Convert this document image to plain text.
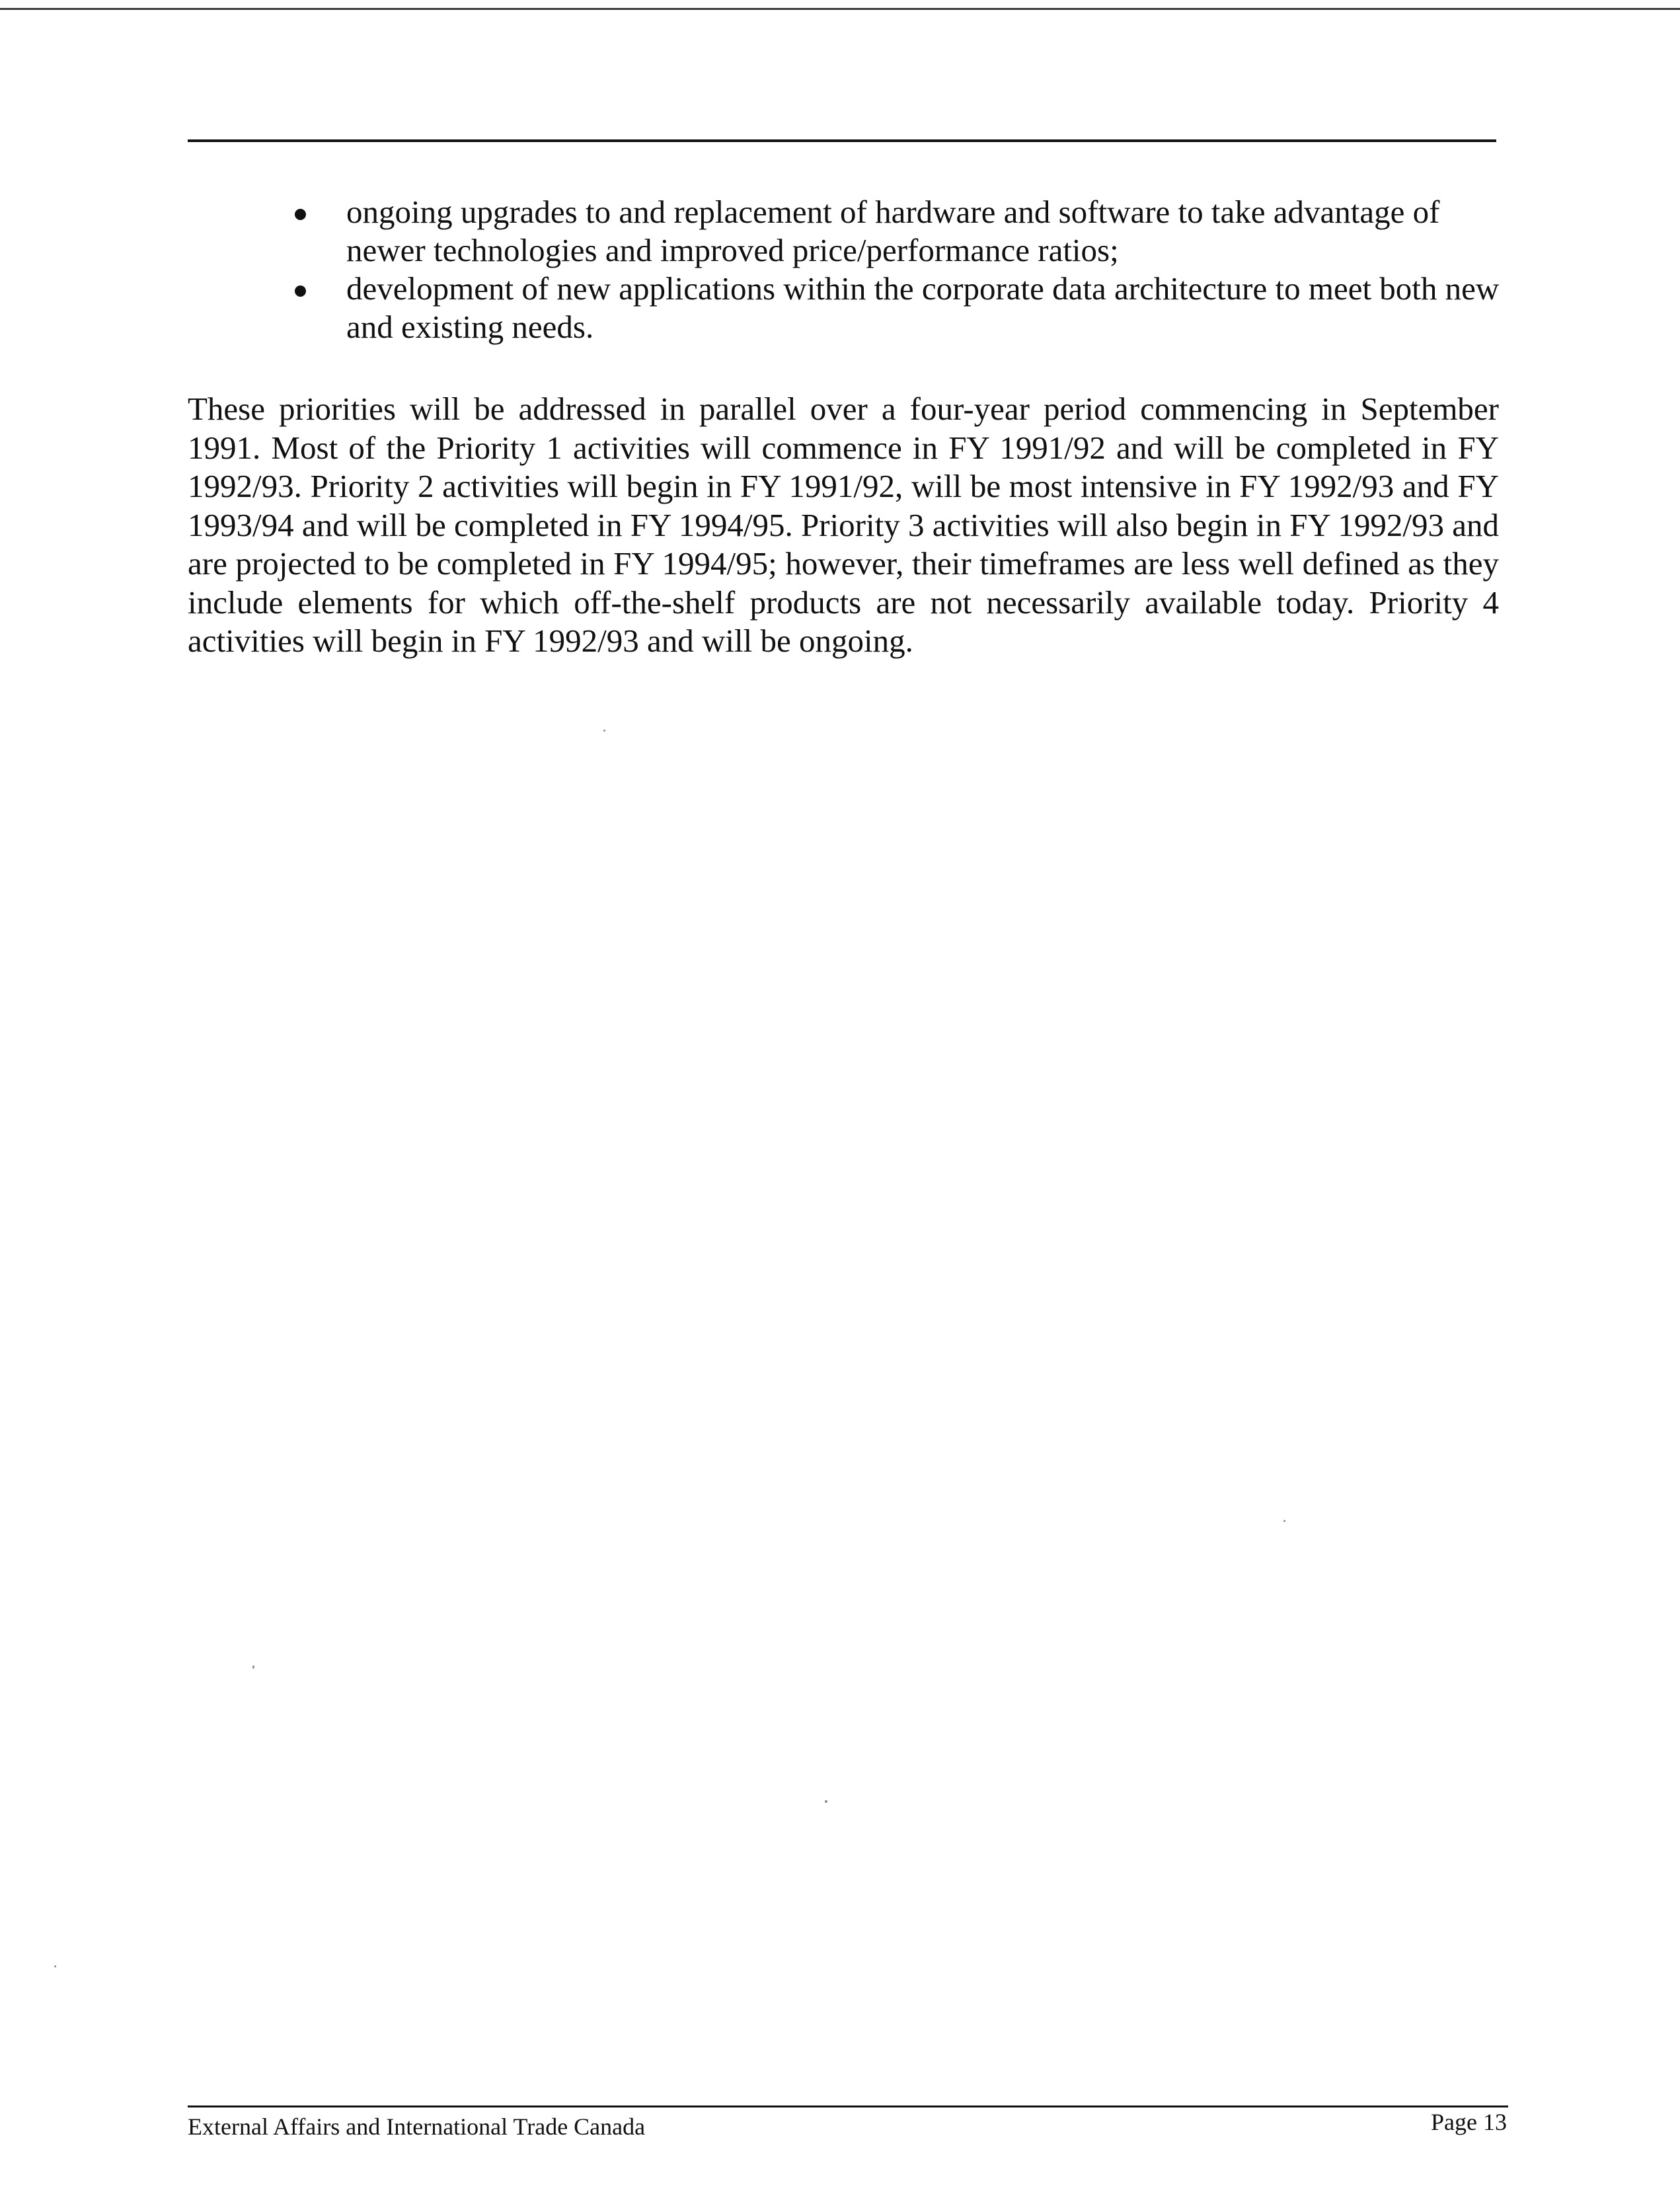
ongoing upgrades to and replacement of hardware and software to take advantage of newer technologies and improved price/performance ratios;
development of new applications within the corporate data architecture to meet both new and existing needs.

These priorities will be addressed in parallel over a four-year period commencing in September 1991. Most of the Priority 1 activities will commence in FY 1991/92 and will be completed in FY 1992/93. Priority 2 activities will begin in FY 1991/92, will be most intensive in FY 1992/93 and FY 1993/94 and will be completed in FY 1994/95. Priority 3 activities will also begin in FY 1992/93 and are projected to be completed in FY 1994/95; however, their timeframes are less well defined as they include elements for which off-the-shelf products are not necessarily available today. Priority 4 activities will begin in FY 1992/93 and will be ongoing.

External Affairs and International Trade Canada	Page 13
